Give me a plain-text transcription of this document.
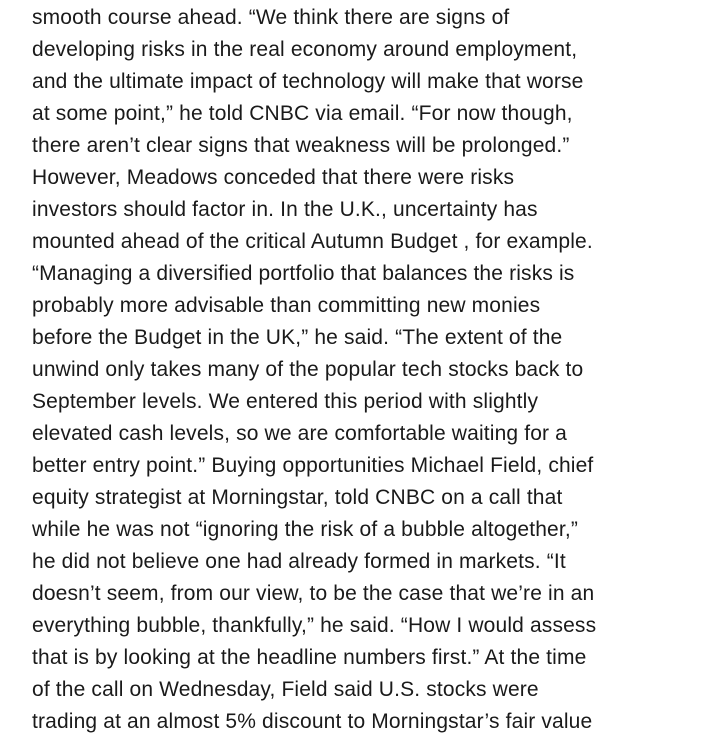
smooth course ahead. “We think there are signs of
developing risks in the real economy around employment,
and the ultimate impact of technology will make that worse
at some point,” he told CNBC via email. “For now though,
there aren’t clear signs that weakness will be prolonged.”
However, Meadows conceded that there were risks
investors should factor in. In the U.K., uncertainty has
mounted ahead of the critical Autumn Budget , for example.
“Managing a diversified portfolio that balances the risks is
probably more advisable than committing new monies
before the Budget in the UK,” he said. “The extent of the
unwind only takes many of the popular tech stocks back to
September levels. We entered this period with slightly
elevated cash levels, so we are comfortable waiting for a
better entry point.” Buying opportunities Michael Field, chief
equity strategist at Morningstar, told CNBC on a call that
while he was not “ignoring the risk of a bubble altogether,”
he did not believe one had already formed in markets. “It
doesn’t seem, from our view, to be the case that we’re in an
everything bubble, thankfully,” he said. “How I would assess
that is by looking at the headline numbers first.” At the time
of the call on Wednesday, Field said U.S. stocks were
trading at an almost 5% discount to Morningstar’s fair value
